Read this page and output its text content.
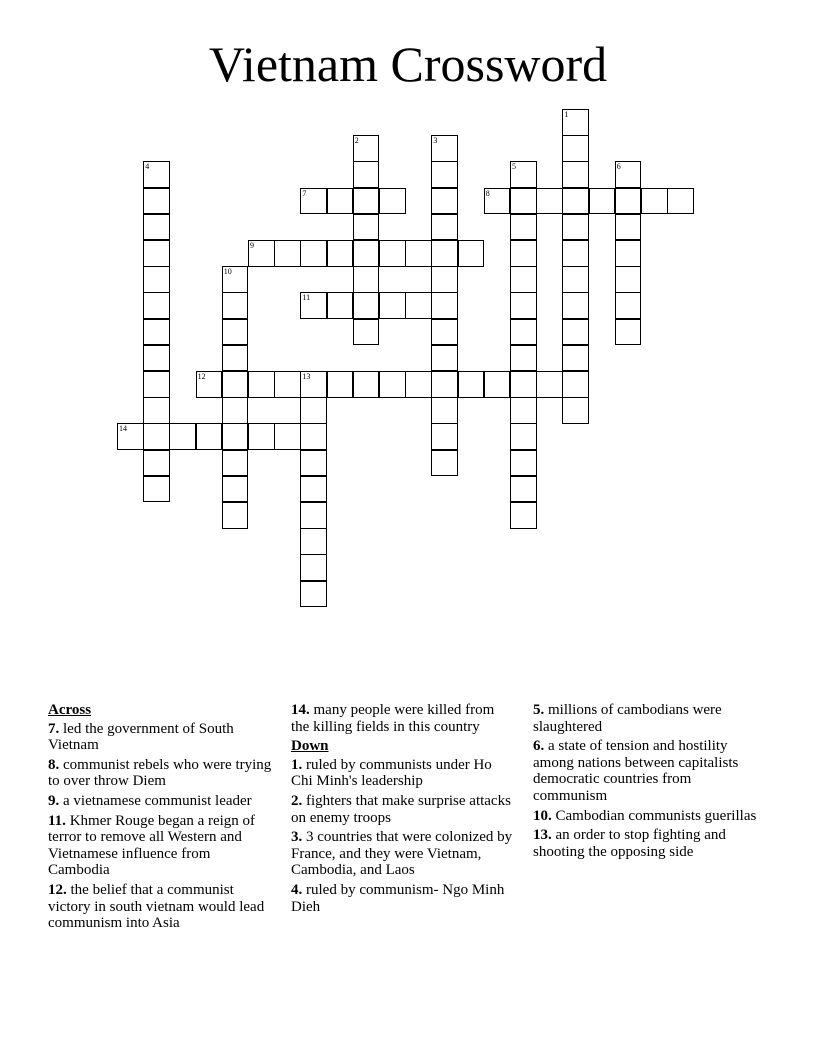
Vietnam Crossword
1
2	3
4	5	6
7	8
9
10
11
12	13
14
Across
7. led the government of South Vietnam
8. communist rebels who were trying to over throw Diem
9. a vietnamese communist leader
11. Khmer Rouge began a reign of terror to remove all Western and Vietnamese influence from Cambodia
12. the belief that a communist victory in south vietnam would lead communism into Asia
14. many people were killed from the killing fields in this country
Down
1. ruled by communists under Ho Chi Minh's leadership
2. fighters that make surprise attacks on enemy troops
3. 3 countries that were colonized by France, and they were Vietnam, Cambodia, and Laos
4. ruled by communism- Ngo Minh Dieh
5. millions of cambodians were slaughtered
6. a state of tension and hostility among nations between capitalists democratic countries from communism
10. Cambodian communists guerillas
13. an order to stop fighting and shooting the opposing side
